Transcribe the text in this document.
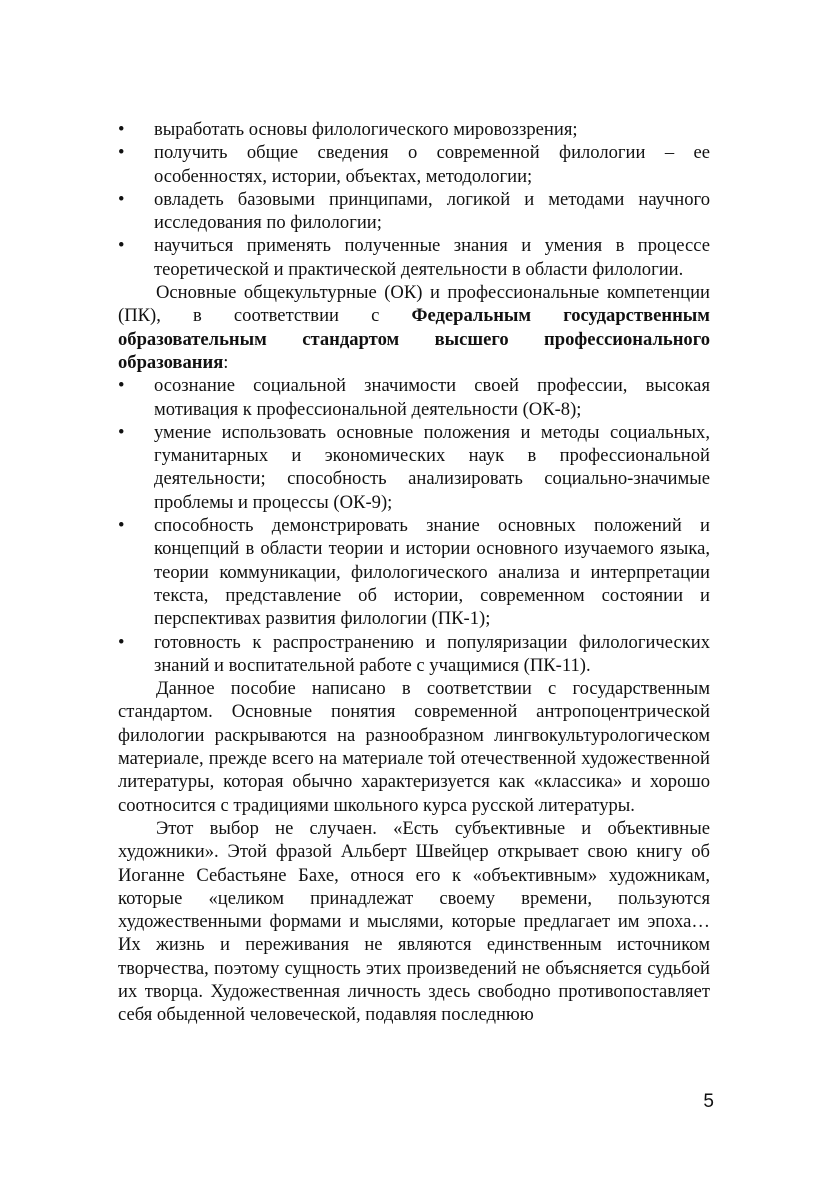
• выработать основы филологического мировоззрения;
• получить общие сведения о современной филологии – ее особенностях, истории, объектах, методологии;
• овладеть базовыми принципами, логикой и методами научного исследования по филологии;
• научиться применять полученные знания и умения в процессе теоретической и практической деятельности в области филологии.

Основные общекультурные (ОК) и профессиональные компетенции (ПК), в соответствии с Федеральным государственным образовательным стандартом высшего профессионального образования:

• осознание социальной значимости своей профессии, высокая мотивация к профессиональной деятельности (ОК-8);
• умение использовать основные положения и методы социальных, гуманитарных и экономических наук в профессиональной деятельности; способность анализировать социально-значимые проблемы и процессы (ОК-9);
• способность демонстрировать знание основных положений и концепций в области теории и истории основного изучаемого языка, теории коммуникации, филологического анализа и интерпретации текста, представление об истории, современном состоянии и перспективах развития филологии (ПК-1);
• готовность к распространению и популяризации филологических знаний и воспитательной работе с учащимися (ПК-11).

Данное пособие написано в соответствии с государственным стандартом. Основные понятия современной антропоцентрической филологии раскрываются на разнообразном лингвокультурологическом материале, прежде всего на материале той отечественной художественной литературы, которая обычно характеризуется как «классика» и хорошо соотносится с традициями школьного курса русской литературы.

Этот выбор не случаен. «Есть субъективные и объективные художники». Этой фразой Альберт Швейцер открывает свою книгу об Иоганне Себастьяне Бахе, относя его к «объективным» художникам, которые «целиком принадлежат своему времени, пользуются художественными формами и мыслями, которые предлагает им эпоха… Их жизнь и переживания не являются единственным источником творчества, поэтому сущность этих произведений не объясняется судьбой их творца. Художественная личность здесь свободно противопоставляет себя обыденной человеческой, подавляя последнюю

5
